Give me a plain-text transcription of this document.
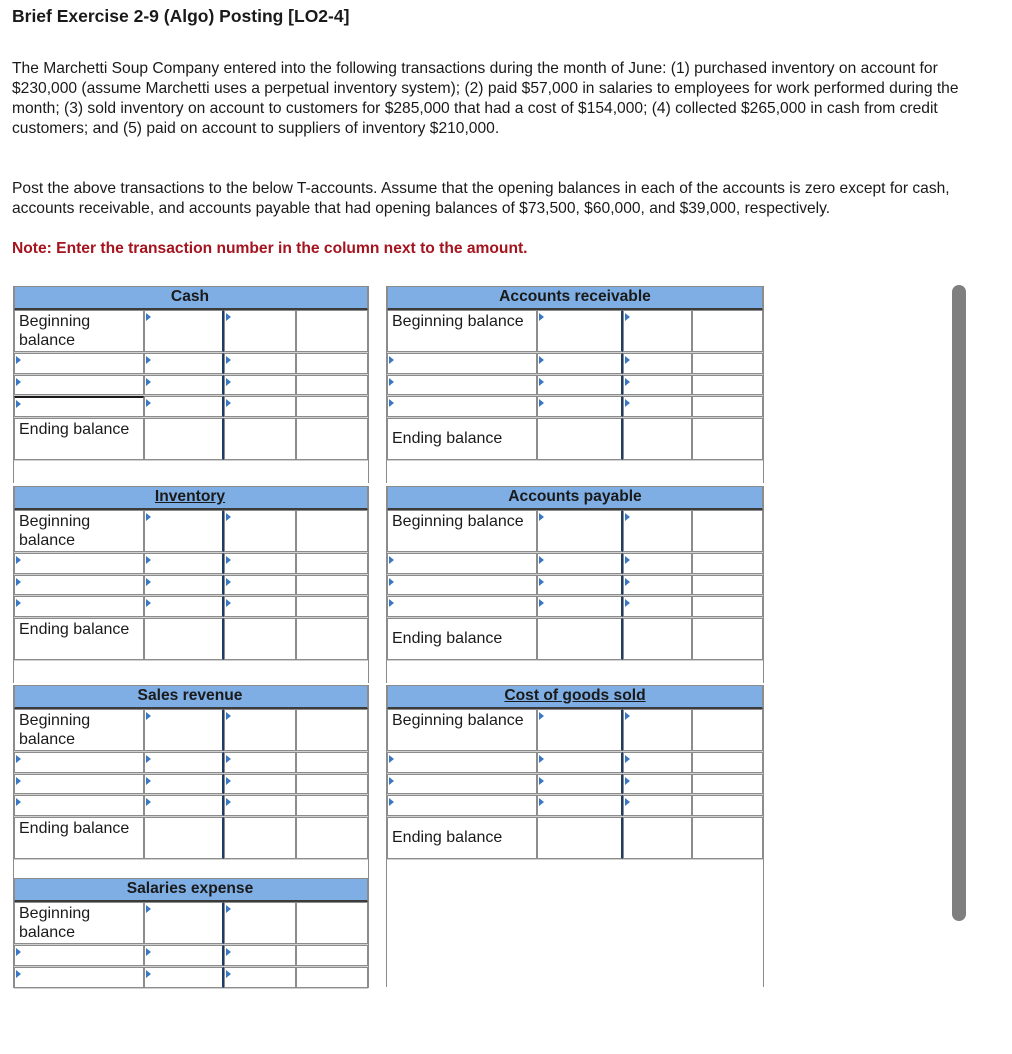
Brief Exercise 2-9 (Algo) Posting [LO2-4]

The Marchetti Soup Company entered into the following transactions during the month of June: (1) purchased inventory on account for $230,000 (assume Marchetti uses a perpetual inventory system); (2) paid $57,000 in salaries to employees for work performed during the month; (3) sold inventory on account to customers for $285,000 that had a cost of $154,000; (4) collected $265,000 in cash from credit customers; and (5) paid on account to suppliers of inventory $210,000.

Post the above transactions to the below T-accounts. Assume that the opening balances in each of the accounts is zero except for cash, accounts receivable, and accounts payable that had opening balances of $73,500, $60,000, and $39,000, respectively.

Note: Enter the transaction number in the column next to the amount.

Cash
Beginning balance
Ending balance
Accounts receivable
Beginning balance
Ending balance
Inventory
Beginning balance
Ending balance
Accounts payable
Beginning balance
Ending balance
Sales revenue
Beginning balance
Ending balance
Cost of goods sold
Beginning balance
Ending balance
Salaries expense
Beginning balance
